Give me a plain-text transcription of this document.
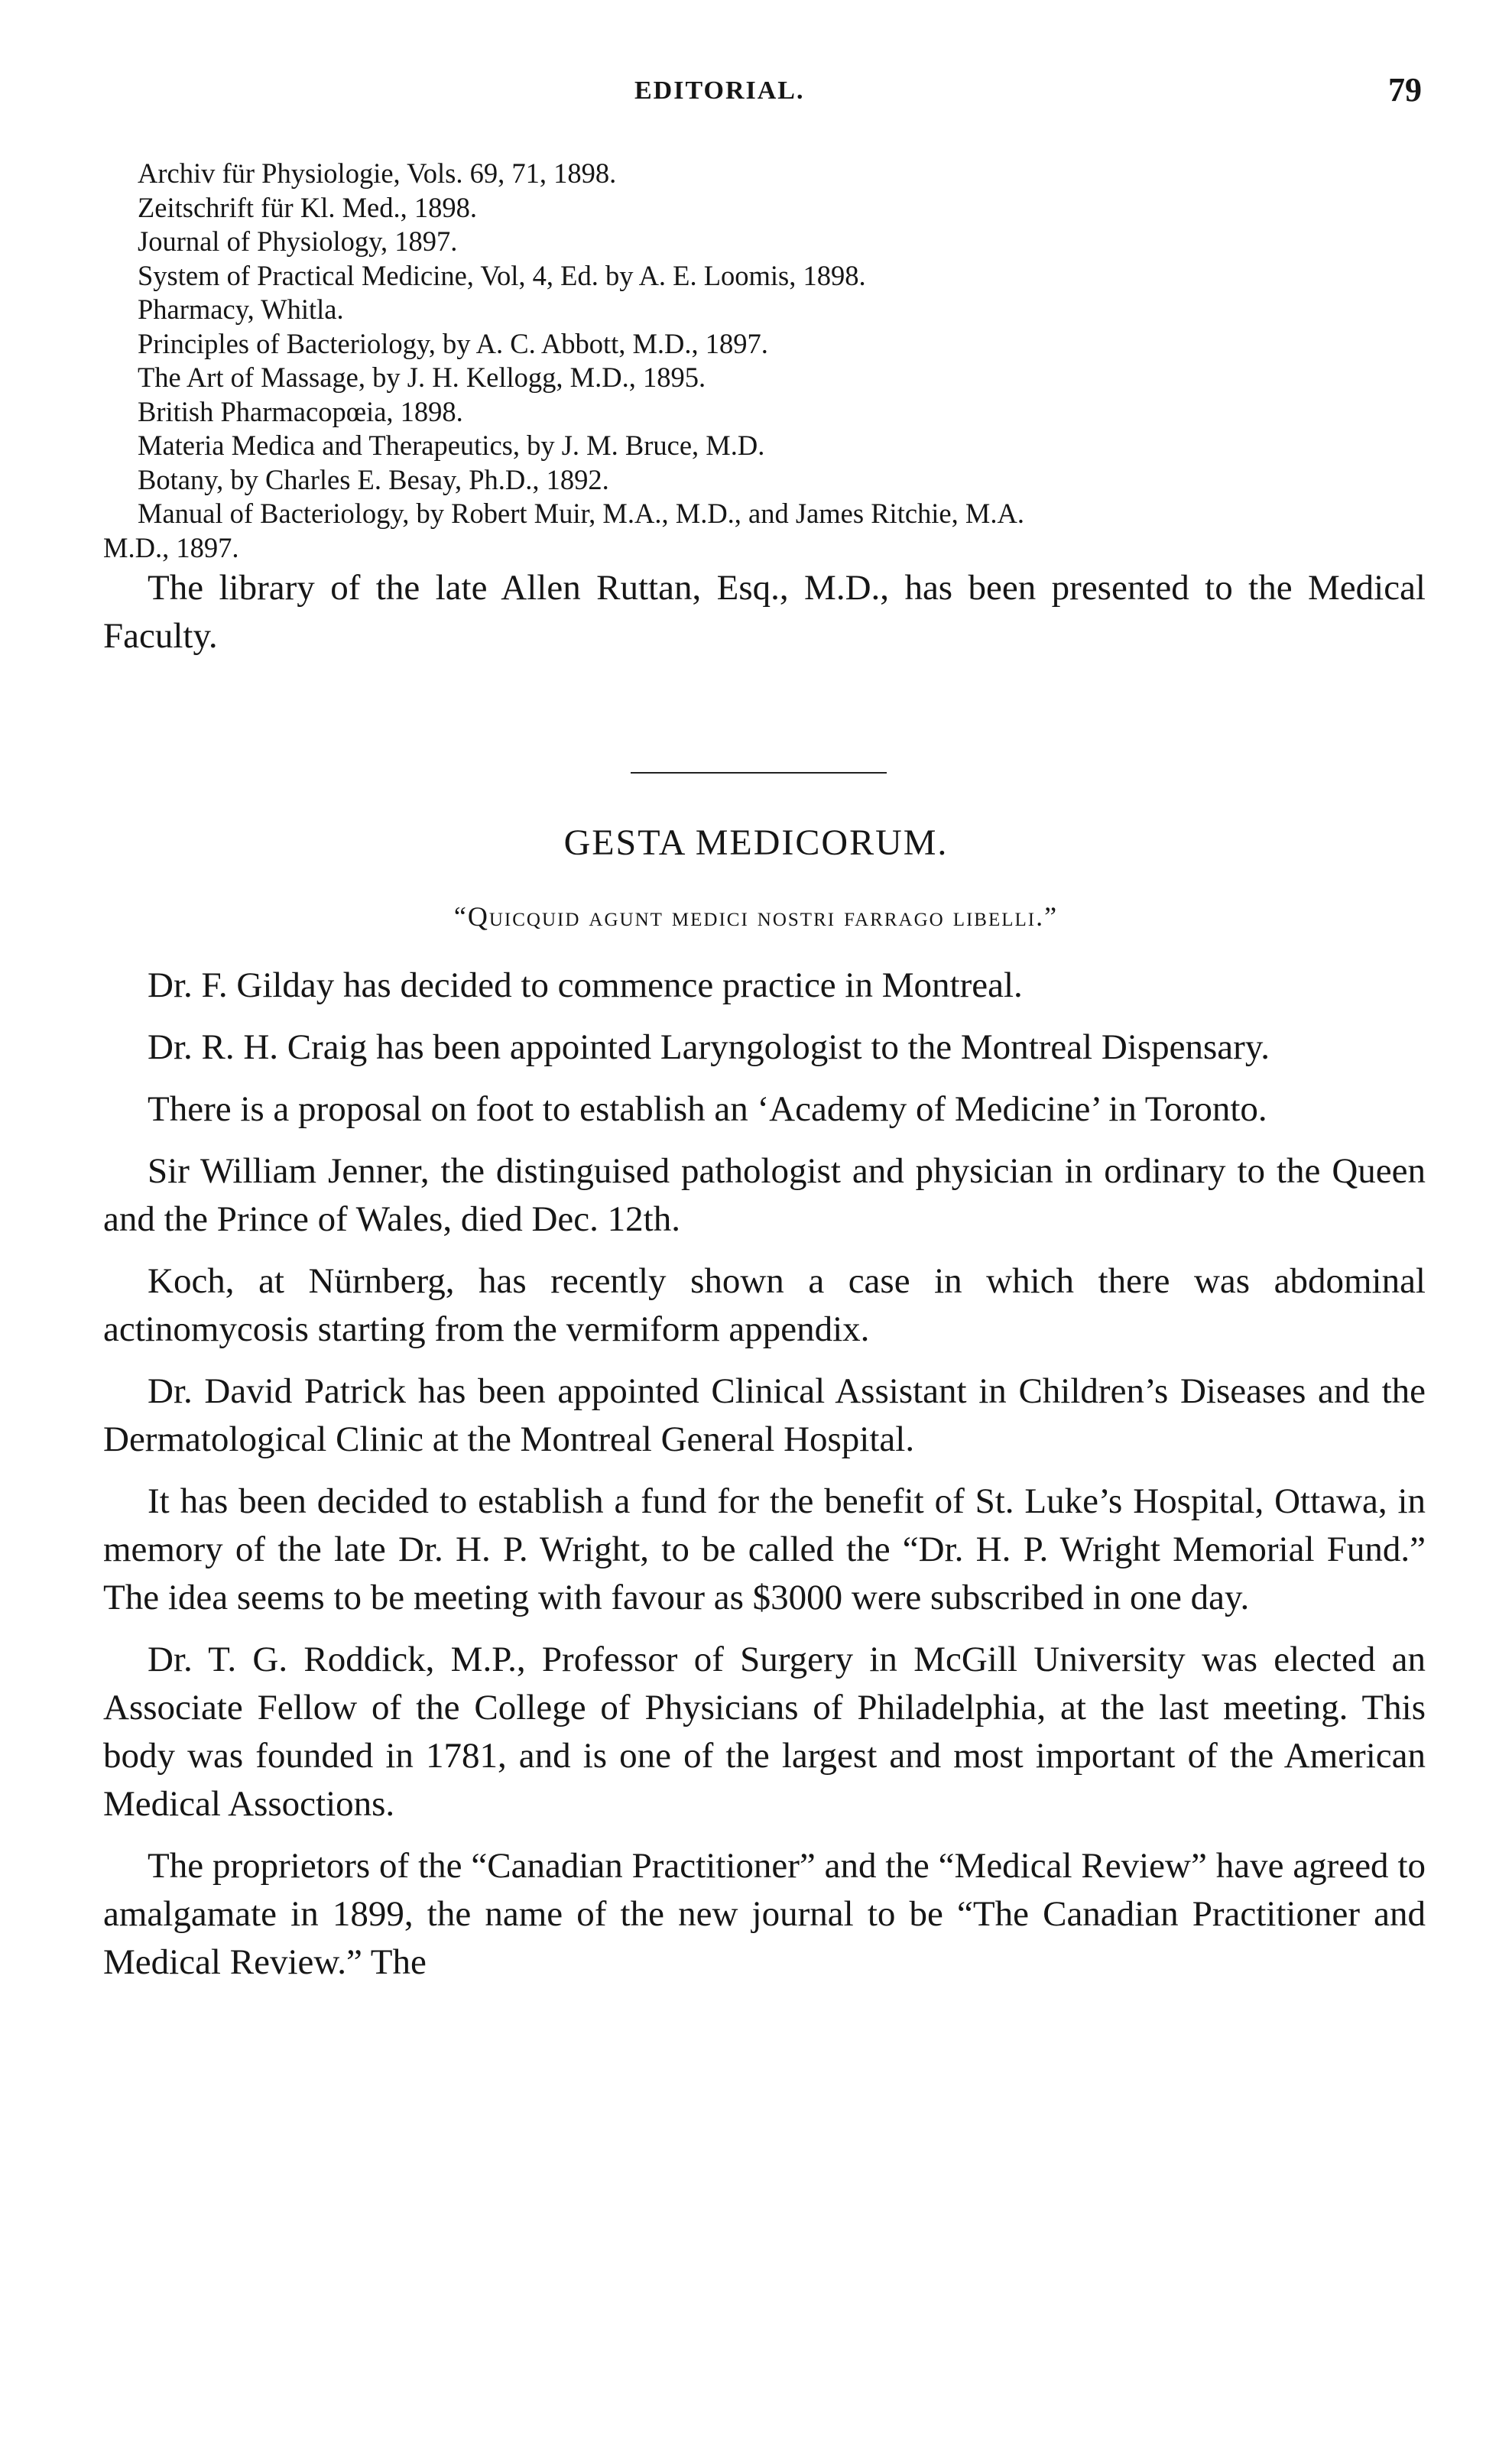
EDITORIAL.	79
Archiv für Physiologie, Vols. 69, 71, 1898.
Zeitschrift für Kl. Med., 1898.
Journal of Physiology, 1897.
System of Practical Medicine, Vol, 4, Ed. by A. E. Loomis, 1898.
Pharmacy, Whitla.
Principles of Bacteriology, by A. C. Abbott, M.D., 1897.
The Art of Massage, by J. H. Kellogg, M.D., 1895.
British Pharmacopœia, 1898.
Materia Medica and Therapeutics, by J. M. Bruce, M.D.
Botany, by Charles E. Besay, Ph.D., 1892.
Manual of Bacteriology, by Robert Muir, M.A., M.D., and James Ritchie, M.A.
M.D., 1897.

The library of the late Allen Ruttan, Esq., M.D., has been presented to the Medical Faculty.

GESTA MEDICORUM.
“Quicquid agunt medici nostri farrago libelli.”

Dr. F. Gilday has decided to commence practice in Montreal.

Dr. R. H. Craig has been appointed Laryngologist to the Montreal Dispensary.

There is a proposal on foot to establish an ‘Academy of Medicine’ in Toronto.

Sir William Jenner, the distinguised pathologist and physician in ordinary to the Queen and the Prince of Wales, died Dec. 12th.

Koch, at Nürnberg, has recently shown a case in which there was abdominal actinomycosis starting from the vermiform appendix.

Dr. David Patrick has been appointed Clinical Assistant in Children’s Diseases and the Dermatological Clinic at the Montreal General Hospital.

It has been decided to establish a fund for the benefit of St. Luke’s Hospital, Ottawa, in memory of the late Dr. H. P. Wright, to be called the “Dr. H. P. Wright Memorial Fund.” The idea seems to be meeting with favour as $3000 were subscribed in one day.

Dr. T. G. Roddick, M.P., Professor of Surgery in McGill University was elected an Associate Fellow of the College of Physicians of Philadelphia, at the last meeting. This body was founded in 1781, and is one of the largest and most important of the American Medical Assoctions.

The proprietors of the “Canadian Practitioner” and the “Medical Review” have agreed to amalgamate in 1899, the name of the new journal to be “The Canadian Practitioner and Medical Review.” The
